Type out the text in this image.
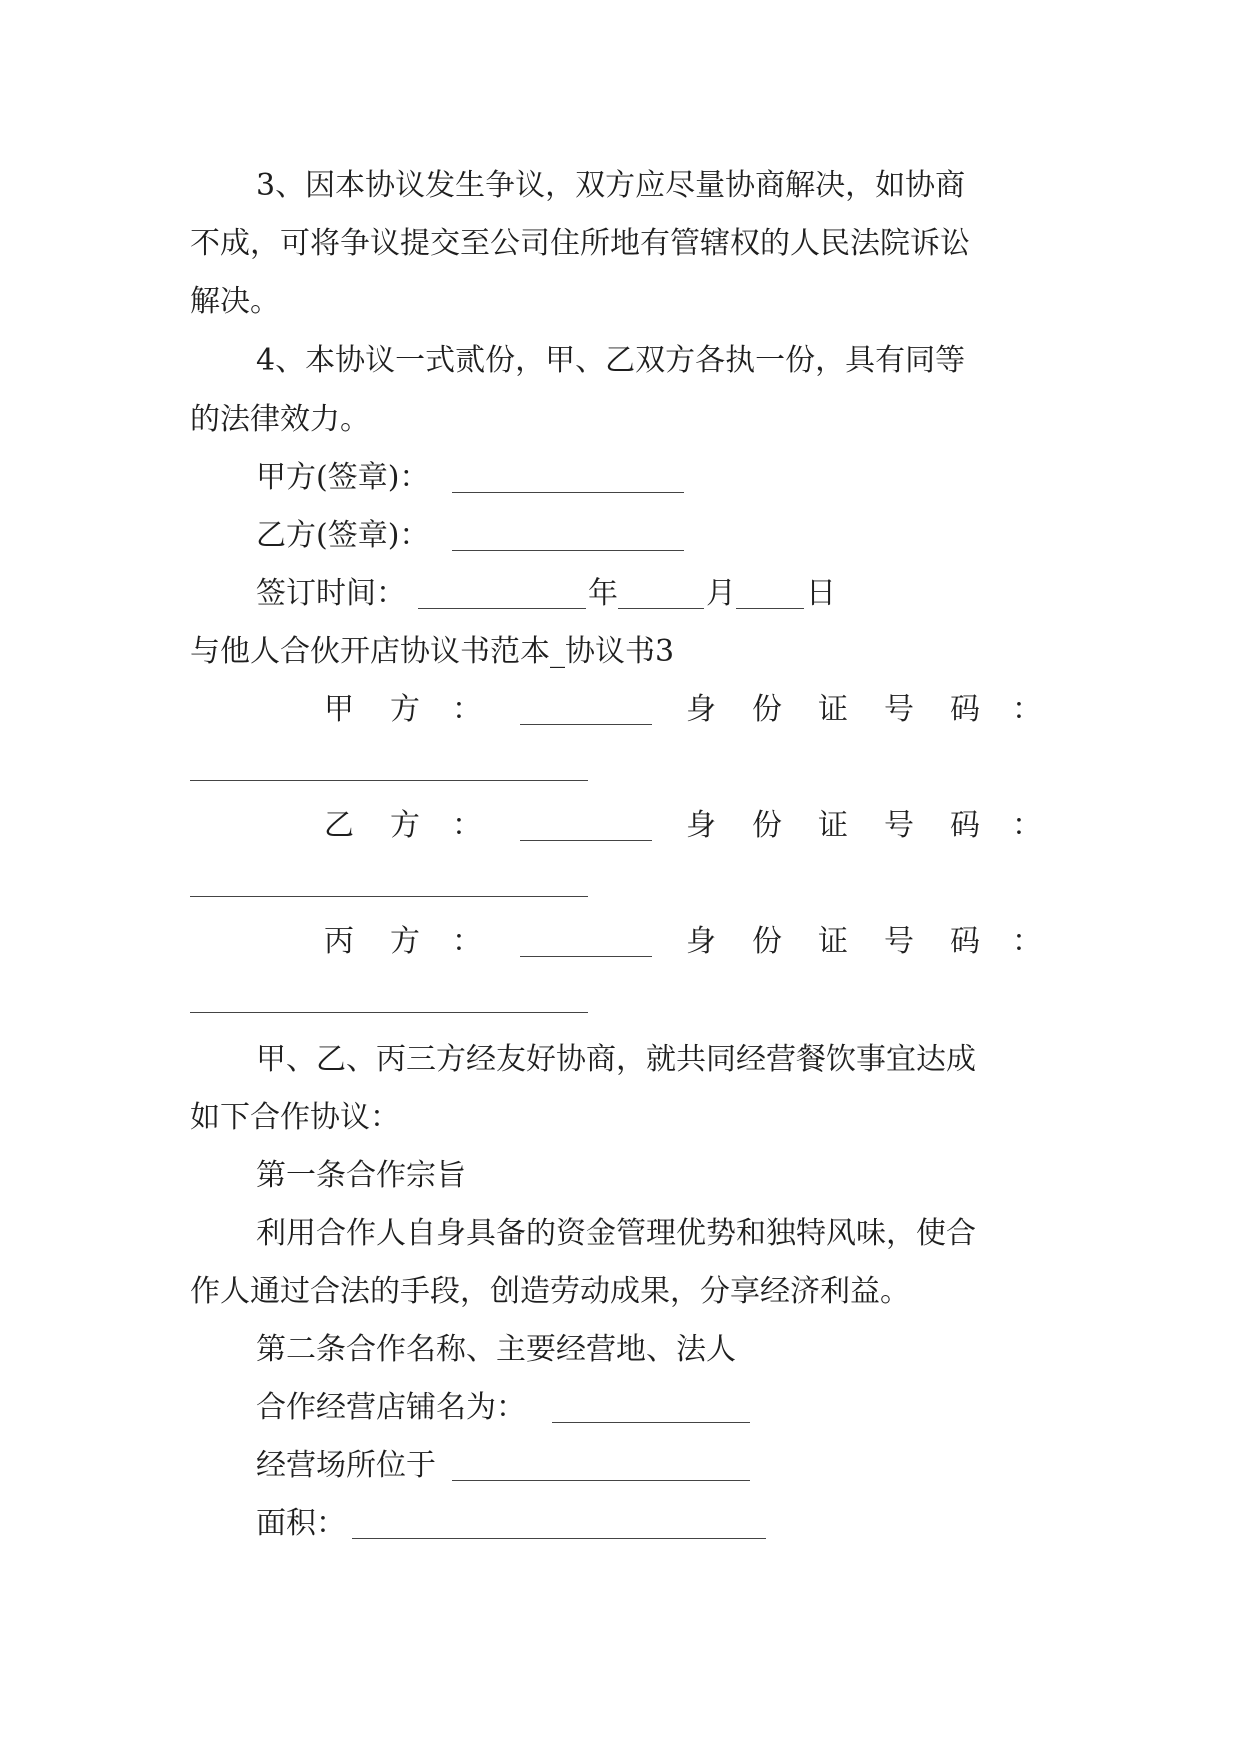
3、因本协议发生争议，双方应尽量协商解决，如协商
不成，可将争议提交至公司住所地有管辖权的人民法院诉讼
解决。
4、本协议一式贰份，甲、乙双方各执一份，具有同等
的法律效力。
甲方(签章)：
乙方(签章)：
签订时间：	年	月 日
与他人合伙开店协议书范本_协议书3
甲 方 ：	身 份 证 号 码 ：
乙 方 ：	身 份 证 号 码 ：
丙 方 ：	身 份 证 号 码 ：
甲、乙、丙三方经友好协商，就共同经营餐饮事宜达成
如下合作协议：
第一条合作宗旨
利用合作人自身具备的资金管理优势和独特风味，使合
作人通过合法的手段，创造劳动成果，分享经济利益。
第二条合作名称、主要经营地、法人
合作经营店铺名为：
经营场所位于
面积：
